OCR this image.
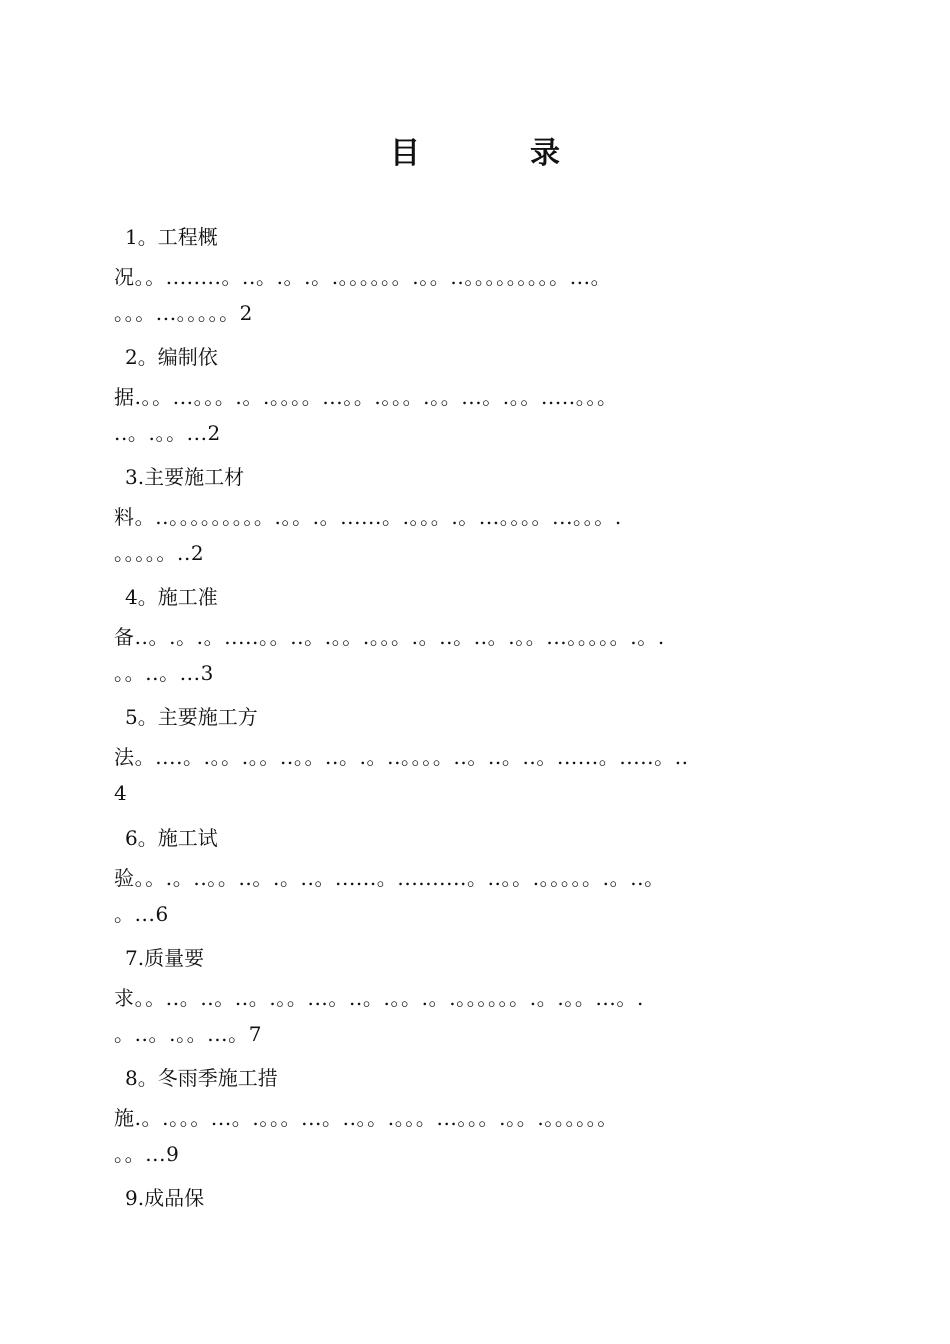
目　录
1。工程概
况。。........。..。.。.。.。。。。。。.。。..。。。。。。。。。...。
。。。...。。。。。2
2。编制依
据.。。...。。。.。.。。。。...。。.。。。.。。...。.。。.....。。。
..。.。。...2
3.主要施工材
料。..。。。。。。。。。.。。.。......。.。。。.。...。。。。...。。。.
。。。。。..2
4。施工准
备..。.。.。.....。。..。.。。.。。。.。..。..。.。。...。。。。。.。.
。。..。...3
5。主要施工方
法。....。.。。.。。..。。..。.。..。。。。..。..。..。......。.....。..
4
6。施工试
验。。.。..。。..。.。..。......。..........。..。。.。。。。。.。..。
。...6
7.质量要
求。。..。..。..。.。。...。..。.。。.。.。。。。。。.。.。。...。.
。..。.。。...。7
8。冬雨季施工措
施.。.。。。...。.。。。...。..。。.。。。...。。。.。。.。。。。。。
。。...9
9.成品保
